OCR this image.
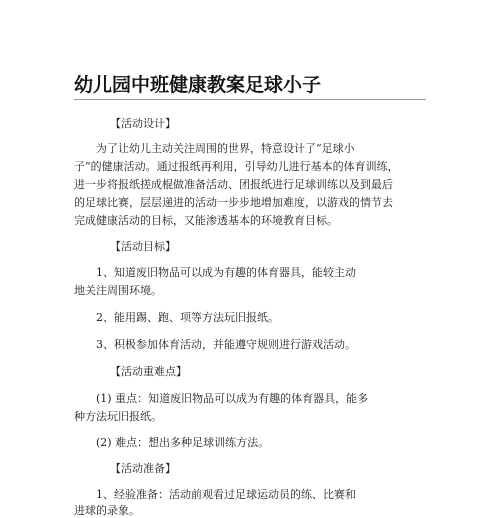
幼儿园中班健康教案足球小子
【活动设计】
为了让幼儿主动关注周围的世界，特意设计了“足球小
子”的健康活动。通过报纸再利用，引导幼儿进行基本的体育训练，
进一步将报纸搓成棍做准备活动、团报纸进行足球训练以及到最后
的足球比赛，层层递进的活动一步步地增加难度，以游戏的情节去
完成健康活动的目标，又能渗透基本的环境教育目标。
【活动目标】
1、知道废旧物品可以成为有趣的体育器具，能较主动
地关注周围环境。
2、能用踢、跑、项等方法玩旧报纸。
3、积极参加体育活动，并能遵守规则进行游戏活动。
【活动重难点】
(1) 重点：知道废旧物品可以成为有趣的体育器具，能多
种方法玩旧报纸。
(2) 难点：想出多种足球训练方法。
【活动准备】
1、经验准备：活动前观看过足球运动员的练、比赛和
进球的录象。
